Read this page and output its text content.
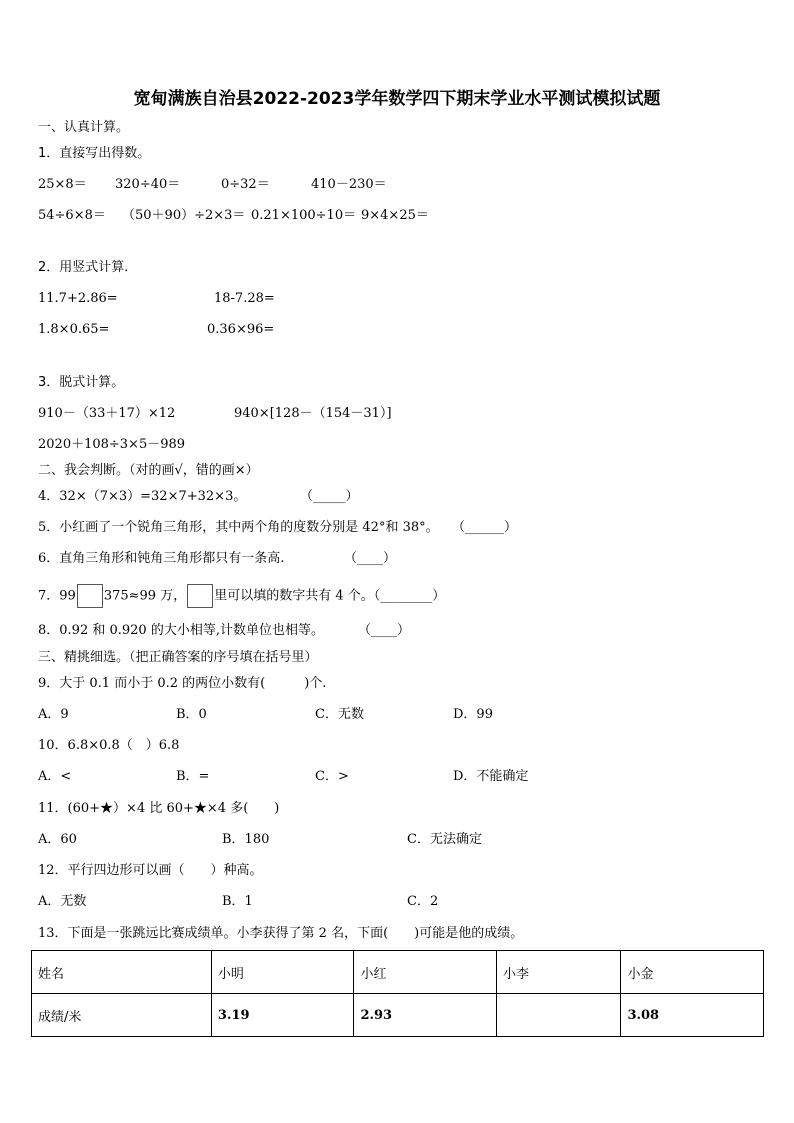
宽甸满族自治县2022-2023学年数学四下期末学业水平测试模拟试题
一、认真计算。
1．直接写出得数。
25×8＝ 320÷40＝	0÷32＝	410－230＝
54÷6×8＝ （50＋90）÷2×3＝ 0.21×100÷10＝ 9×4×25＝
2．用竖式计算．
11.7+2.86=	18-7.28=
1.8×0.65=	0.36×96=
3．脱式计算。
910－（33＋17）×12	940×[128－（154－31）]
2020＋108÷3×5－989
二、我会判断。（对的画√，错的画×）
4．32×（7×3）=32×7+32×3。	（_____）
5．小红画了一个锐角三角形，其中两个角的度数分别是 42°和 38°。 （______）
6．直角三角形和钝角三角形都只有一条高.	（____）
7．99 375≈99 万， 里可以填的数字共有 4 个。（________）
8．0.92 和 0.920 的大小相等,计数单位也相等。	（____）
三、精挑细选。（把正确答案的序号填在括号里）
9．大于 0.1 而小于 0.2 的两位小数有(　　　)个.
A．9	B．0	C．无数	D．99
10．6.8×0.8（　）6.8
A．<	B．=	C．>	D．不能确定
11．(60+★）×4 比 60+★×4 多(　　)
A．60	B．180	C．无法确定
12．平行四边形可以画（　　）种高。
A．无数	B．1	C．2
13．下面是一张跳远比赛成绩单。小李获得了第 2 名，下面(　　)可能是他的成绩。
姓名	小明	小红	小李	小金
成绩/米	3.19	2.93		3.08
